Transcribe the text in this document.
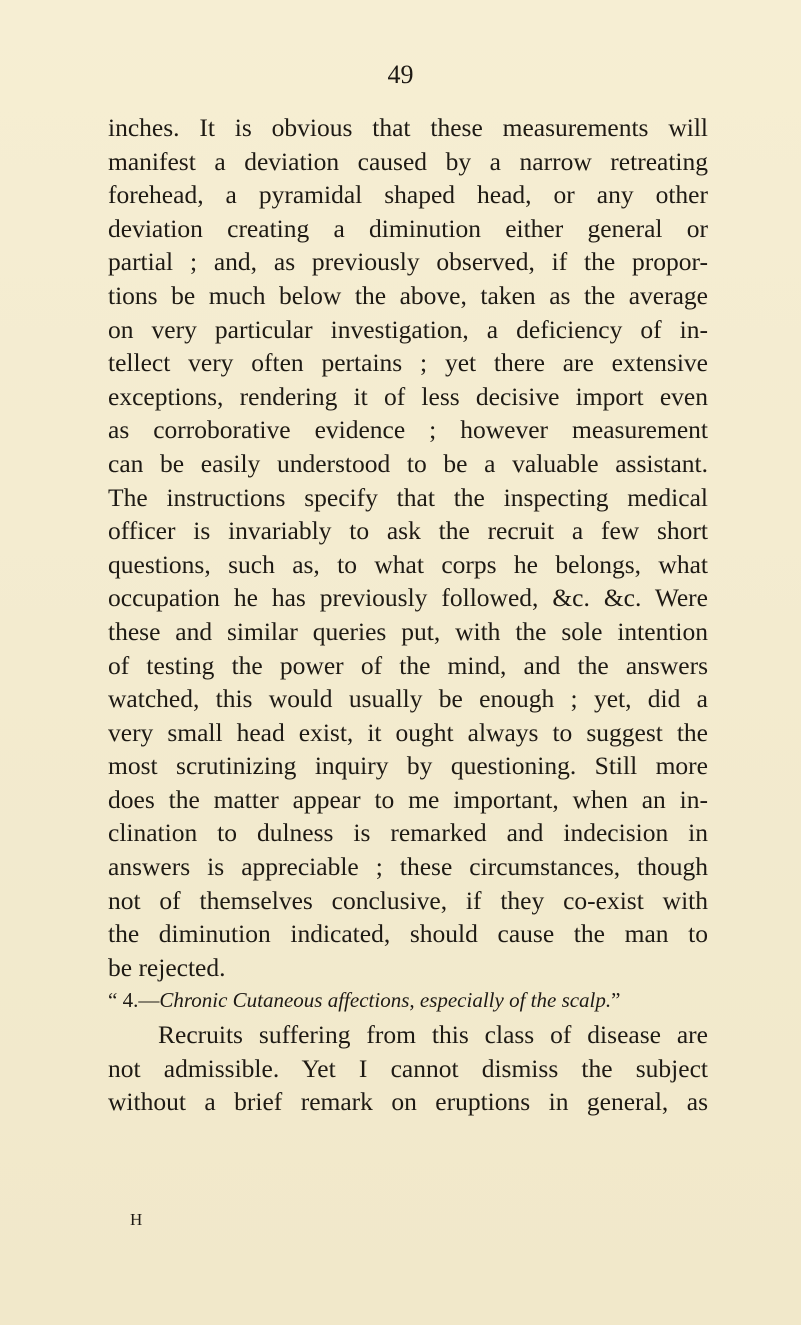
49
inches. It is obvious that these measurements will
manifest a deviation caused by a narrow retreating
forehead, a pyramidal shaped head, or any other
deviation creating a diminution either general or
partial ; and, as previously observed, if the propor-
tions be much below the above, taken as the average
on very particular investigation, a deficiency of in-
tellect very often pertains ; yet there are extensive
exceptions, rendering it of less decisive import even
as corroborative evidence ; however measurement
can be easily understood to be a valuable assistant.
The instructions specify that the inspecting medical
officer is invariably to ask the recruit a few short
questions, such as, to what corps he belongs, what
occupation he has previously followed, &c. &c. Were
these and similar queries put, with the sole intention
of testing the power of the mind, and the answers
watched, this would usually be enough ; yet, did a
very small head exist, it ought always to suggest the
most scrutinizing inquiry by questioning. Still more
does the matter appear to me important, when an in-
clination to dulness is remarked and indecision in
answers is appreciable ; these circumstances, though
not of themselves conclusive, if they co-exist with
the diminution indicated, should cause the man to
be rejected.
“ 4.—Chronic Cutaneous affections, especially of the scalp.”
Recruits suffering from this class of disease are
not admissible. Yet I cannot dismiss the subject
without a brief remark on eruptions in general, as
H
